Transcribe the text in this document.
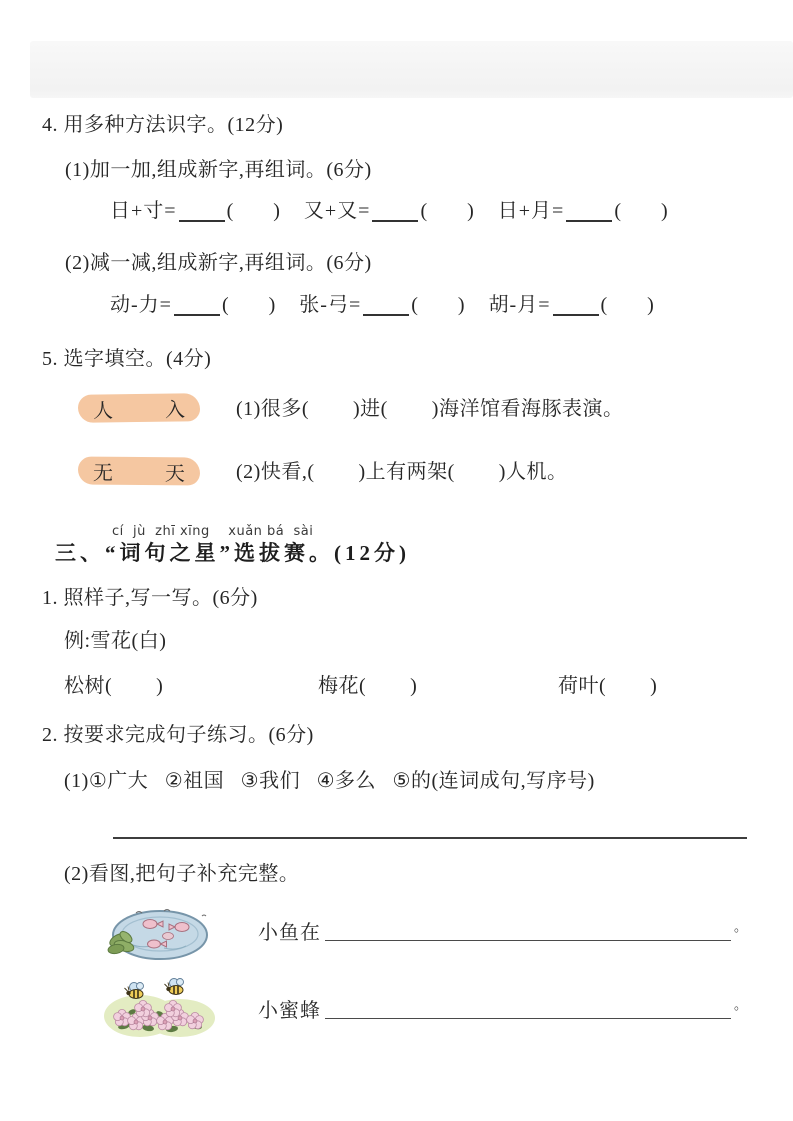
4. 用多种方法识字。(12分)
(1)加一加,组成新字,再组词。(6分)
日+寸=	(        ) 又+又=	(        ) 日+月=	(        )
(2)减一减,组成新字,再组词。(6分)
动-力=	(        ) 张-弓=	(        ) 胡-月=	(        )
5. 选字填空。(4分)
人	入	(1)很多(        )进(        )海洋馆看海豚表演。
无	天	(2)快看,(        )上有两架(        )人机。
cí  jù  zhī xīng    xuǎn bá  sài
三、“词句之星”选拔赛。(12分)
1. 照样子,写一写。(6分)
例:雪花(白)
松树(        )	梅花(        )	荷叶(        )
2. 按要求完成句子练习。(6分)
(1)①广大   ②祖国   ③我们   ④多么   ⑤的(连词成句,写序号)
(2)看图,把句子补充完整。
小鱼在	。
小蜜蜂	。
